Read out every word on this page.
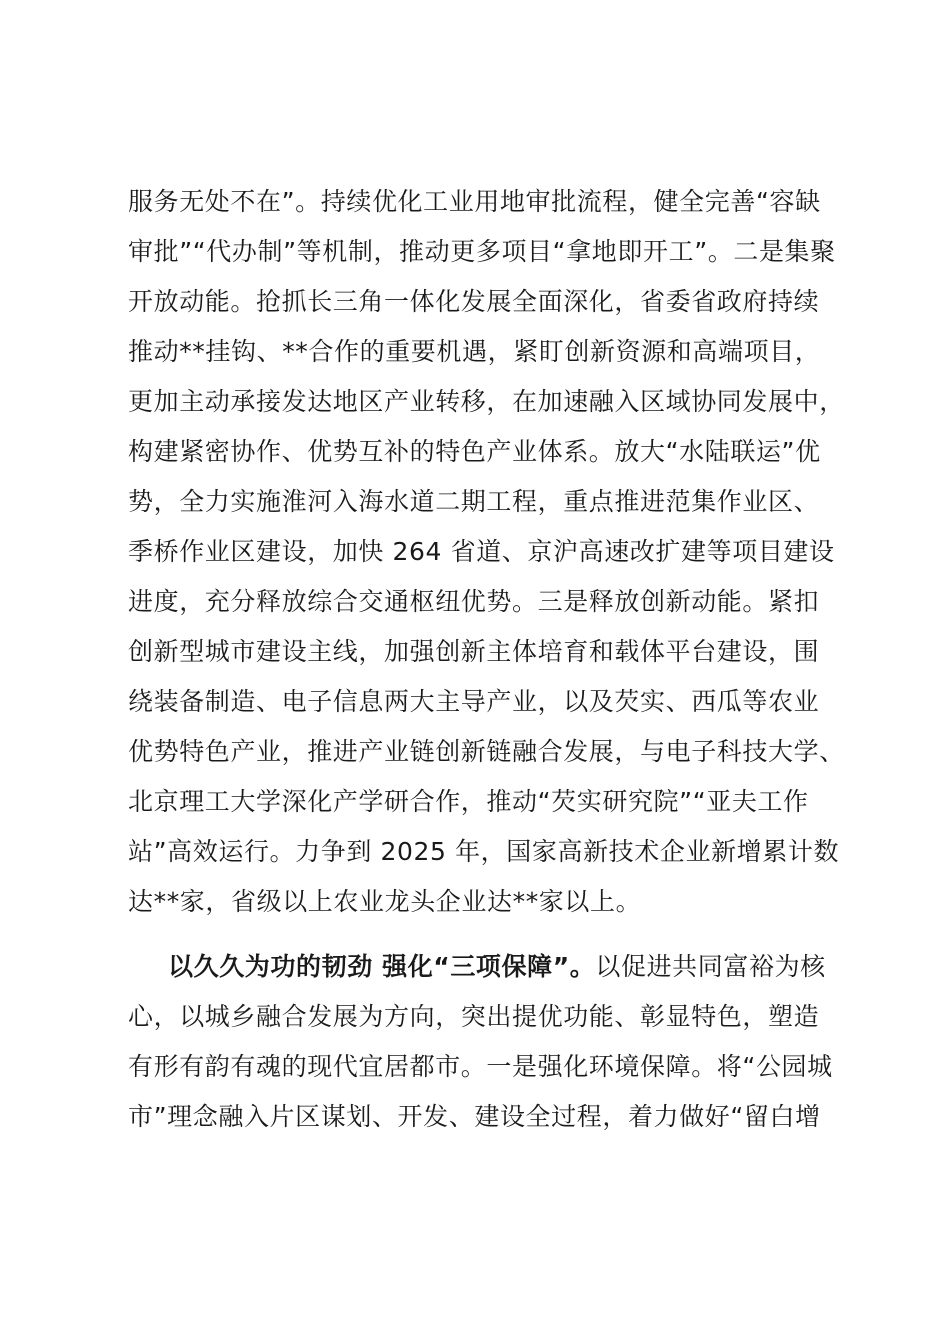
服务无处不在”。持续优化工业用地审批流程，健全完善“容缺
审批”“代办制”等机制，推动更多项目“拿地即开工”。二是集聚
开放动能。抢抓长三角一体化发展全面深化，省委省政府持续
推动**挂钩、**合作的重要机遇，紧盯创新资源和高端项目，
更加主动承接发达地区产业转移，在加速融入区域协同发展中，
构建紧密协作、优势互补的特色产业体系。放大“水陆联运”优
势，全力实施淮河入海水道二期工程，重点推进范集作业区、
季桥作业区建设，加快 264 省道、京沪高速改扩建等项目建设
进度，充分释放综合交通枢纽优势。三是释放创新动能。紧扣
创新型城市建设主线，加强创新主体培育和载体平台建设，围
绕装备制造、电子信息两大主导产业，以及芡实、西瓜等农业
优势特色产业，推进产业链创新链融合发展，与电子科技大学、
北京理工大学深化产学研合作，推动“芡实研究院”“亚夫工作
站”高效运行。力争到 2025 年，国家高新技术企业新增累计数
达**家，省级以上农业龙头企业达**家以上。
以久久为功的韧劲 强化“三项保障”。以促进共同富裕为核
心，以城乡融合发展为方向，突出提优功能、彰显特色，塑造
有形有韵有魂的现代宜居都市。一是强化环境保障。将“公园城
市”理念融入片区谋划、开发、建设全过程，着力做好“留白增
